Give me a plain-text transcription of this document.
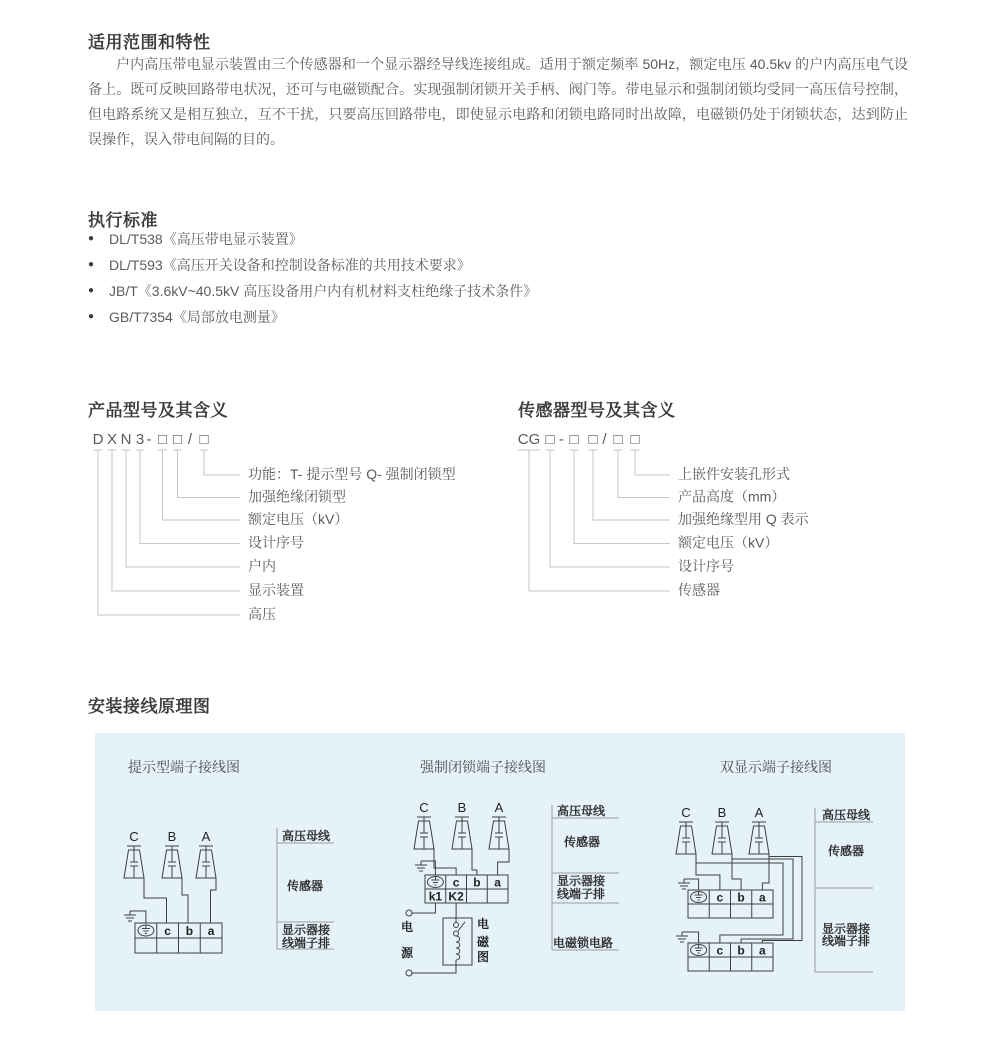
适用范围和特性

户内高压带电显示装置由三个传感器和一个显示器经导线连接组成。适用于额定频率 50Hz，额定电压 40.5kv 的户内高压电气设备上。既可反映回路带电状况，还可与电磁锁配合。实现强制闭锁开关手柄、阀门等。带电显示和强制闭锁均受同一高压信号控制，但电路系统又是相互独立，互不干扰，只要高压回路带电，即使显示电路和闭锁电路同时出故障，电磁锁仍处于闭锁状态，达到防止误操作，误入带电间隔的目的。

执行标准
● DL/T538《高压带电显示装置》
● DL/T593《高压开关设备和控制设备标准的共用技术要求》
● JB/T《3.6kV~40.5kV 高压设备用户内有机材料支柱绝缘子技术条件》
● GB/T7354《局部放电测量》
产品型号及其含义
D X N 3 - □ □ / □
功能：T- 提示型号 Q- 强制闭锁型
加强绝缘闭锁型
额定电压（kV）
设计序号
户内
显示装置
高压
传感器型号及其含义
CG □ - □ □ / □ □
上嵌件安装孔形式
产品高度（mm）
加强绝缘型用 Q 表示
额定电压（kV）
设计序号
传感器
安装接线原理图
提示型端子接线图	强制闭锁端子接线图	双显示端子接线图
C B A
c b a
高压母线
传感器
显示器接
线端子排
C B A
c b a
k1 K2
电
源
电
磁
图
高压母线
传感器
显示器接
线端子排
电磁锁电路
C B A
c b a
c b a
高压母线
传感器
显示器接
线端子排
